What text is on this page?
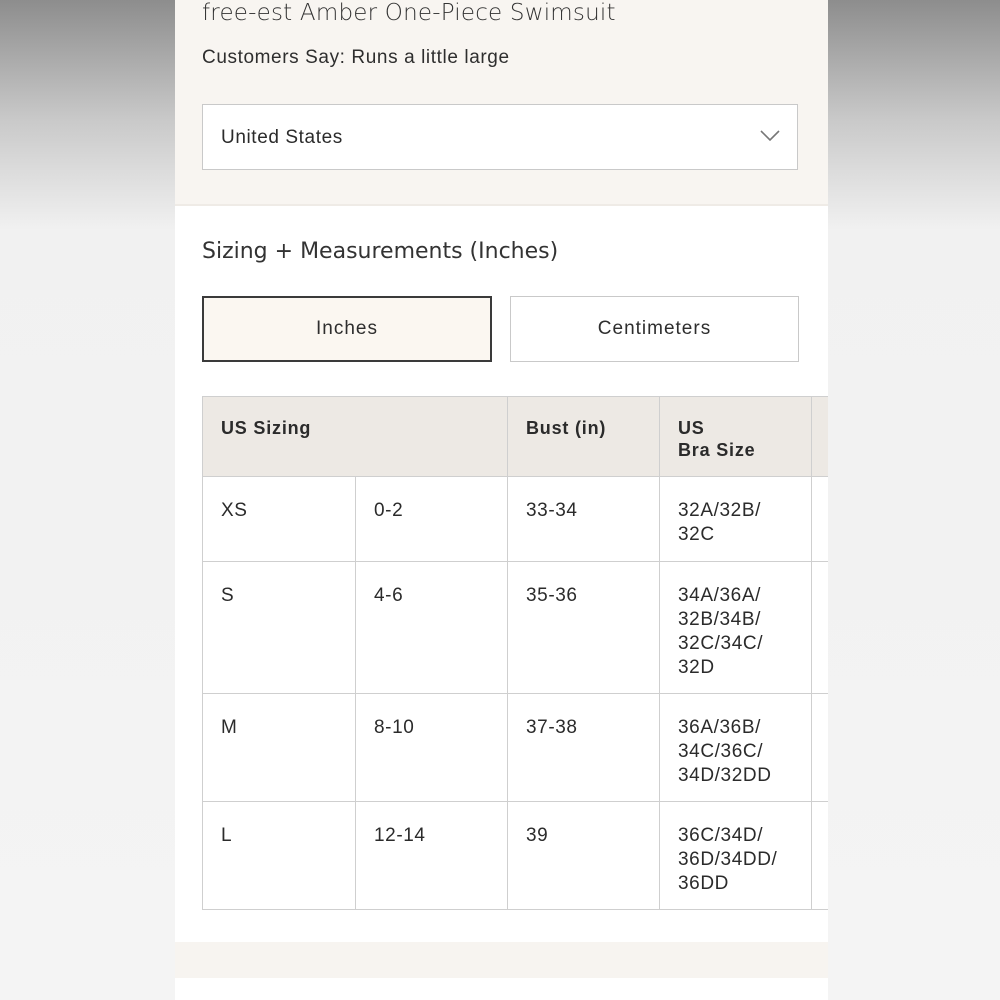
free-est Amber One-Piece Swimsuit
Customers Say: Runs a little large
United States
Sizing + Measurements (Inches)
Inches	Centimeters
US Sizing		Bust (in)	US
Bra Size	
XS	0-2	33-34	32A/32B/
32C	
S	4-6	35-36	34A/36A/
32B/34B/
32C/34C/
32D	
M	8-10	37-38	36A/36B/
34C/36C/
34D/32DD	
L	12-14	39	36C/34D/
36D/34DD/
36DD	
